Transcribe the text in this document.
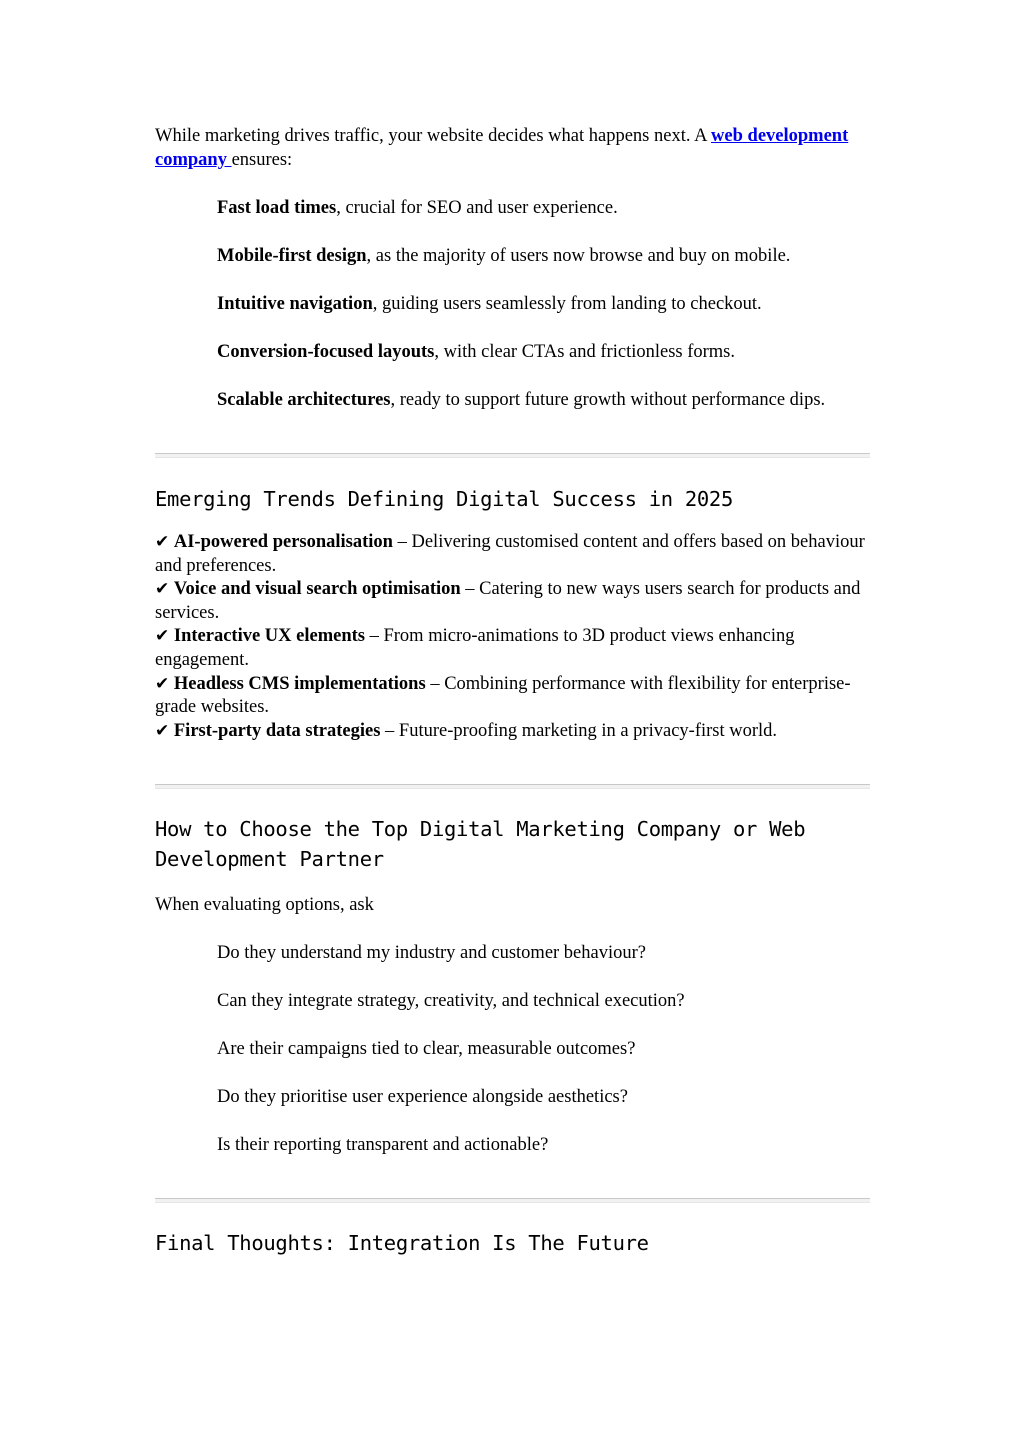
While marketing drives traffic, your website decides what happens next. A web development company ensures:

Fast load times, crucial for SEO and user experience.
Mobile-first design, as the majority of users now browse and buy on mobile.
Intuitive navigation, guiding users seamlessly from landing to checkout.
Conversion-focused layouts, with clear CTAs and frictionless forms.
Scalable architectures, ready to support future growth without performance dips.
Emerging Trends Defining Digital Success in 2025

✔ AI-powered personalisation – Delivering customised content and offers based on behaviour and preferences.

✔ Voice and visual search optimisation – Catering to new ways users search for products and services.

✔ Interactive UX elements – From micro-animations to 3D product views enhancing engagement.

✔ Headless CMS implementations – Combining performance with flexibility for enterprise-grade websites.

✔ First-party data strategies – Future-proofing marketing in a privacy-first world.

How to Choose the Top Digital Marketing Company or Web Development Partner

When evaluating options, ask

Do they understand my industry and customer behaviour?
Can they integrate strategy, creativity, and technical execution?
Are their campaigns tied to clear, measurable outcomes?
Do they prioritise user experience alongside aesthetics?
Is their reporting transparent and actionable?
Final Thoughts: Integration Is The Future
